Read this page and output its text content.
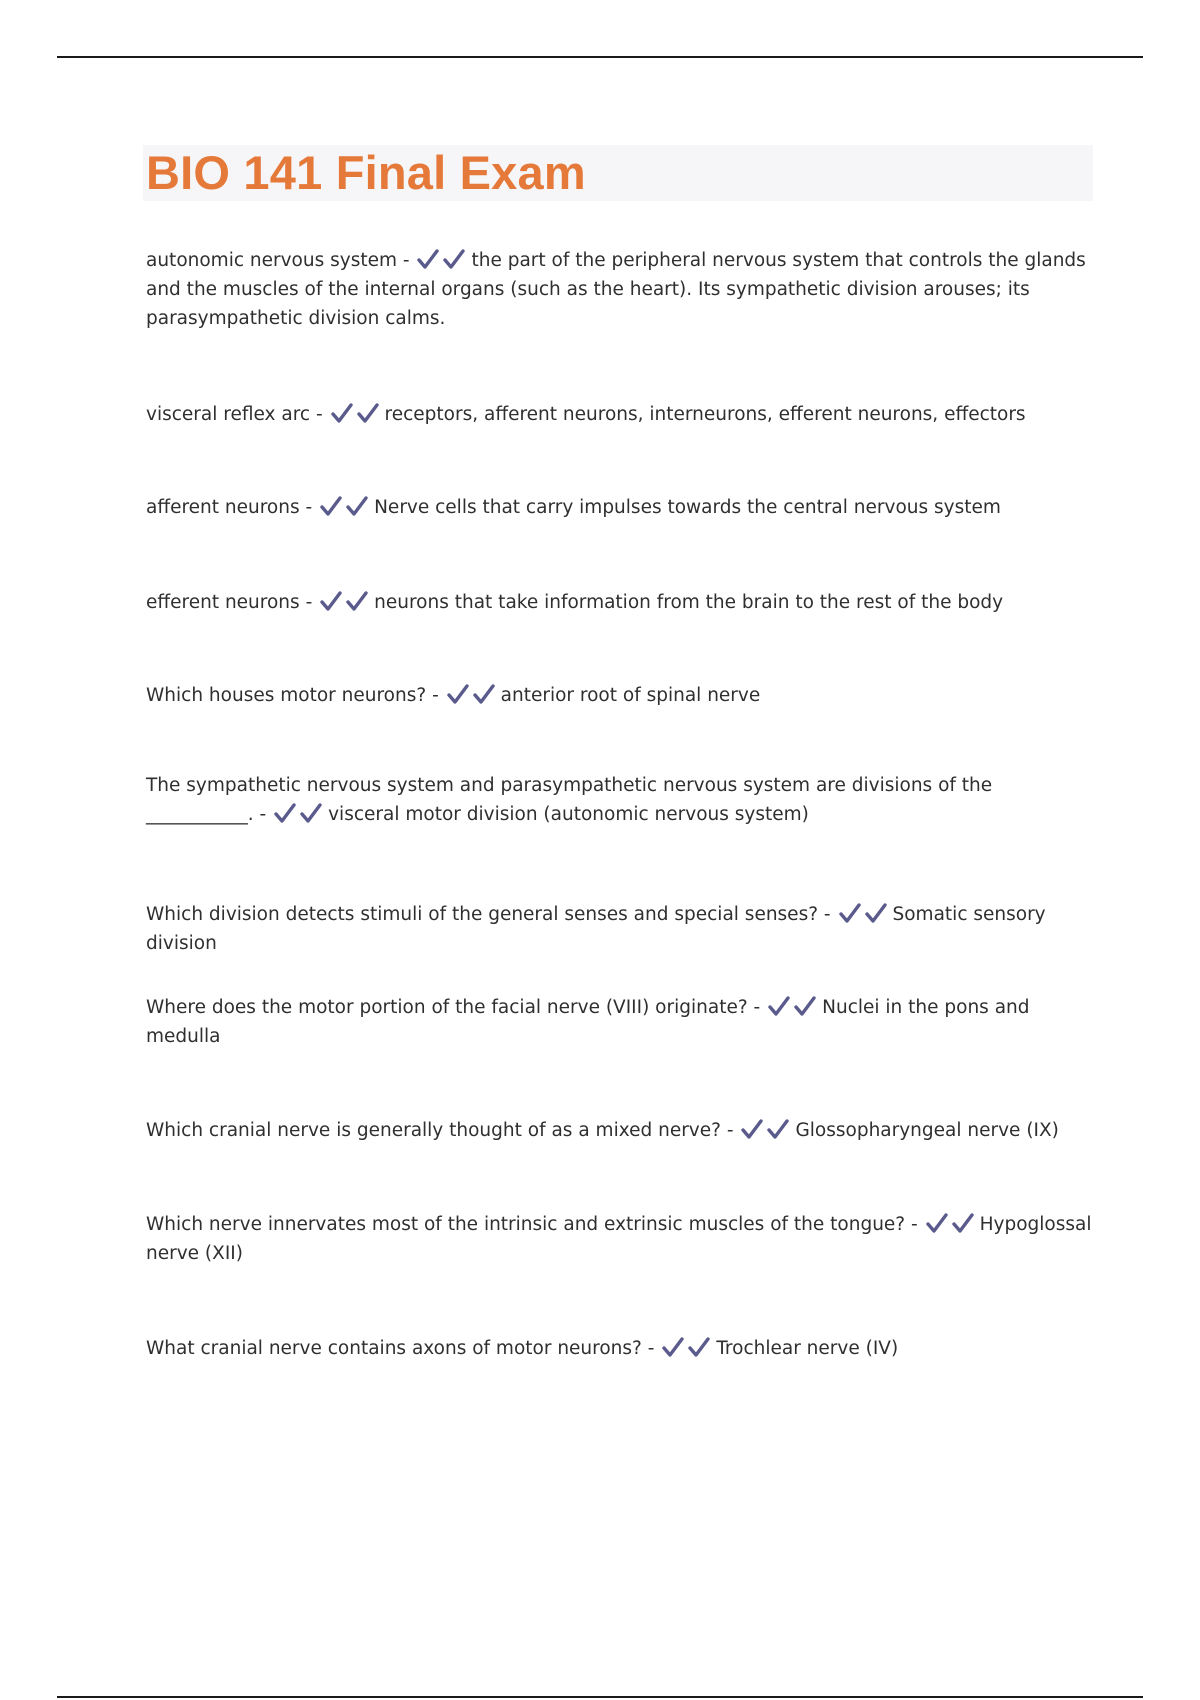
BIO 141 Final Exam

autonomic nervous system -	the part of the peripheral nervous system that controls the glands and the muscles of the internal organs (such as the heart). Its sympathetic division arouses; its parasympathetic division calms.

visceral reflex arc -	receptors, afferent neurons, interneurons, efferent neurons, effectors

afferent neurons -	Nerve cells that carry impulses towards the central nervous system

efferent neurons -	neurons that take information from the brain to the rest of the body

Which houses motor neurons? -	anterior root of spinal nerve

The sympathetic nervous system and parasympathetic nervous system are divisions of the ___________. -	visceral motor division (autonomic nervous system)

Which division detects stimuli of the general senses and special senses? -	Somatic sensory division

Where does the motor portion of the facial nerve (VIII) originate? -	Nuclei in the pons and medulla

Which cranial nerve is generally thought of as a mixed nerve? -	Glossopharyngeal nerve (IX)

Which nerve innervates most of the intrinsic and extrinsic muscles of the tongue? -	Hypoglossal nerve (XII)

What cranial nerve contains axons of motor neurons? -	Trochlear nerve (IV)
